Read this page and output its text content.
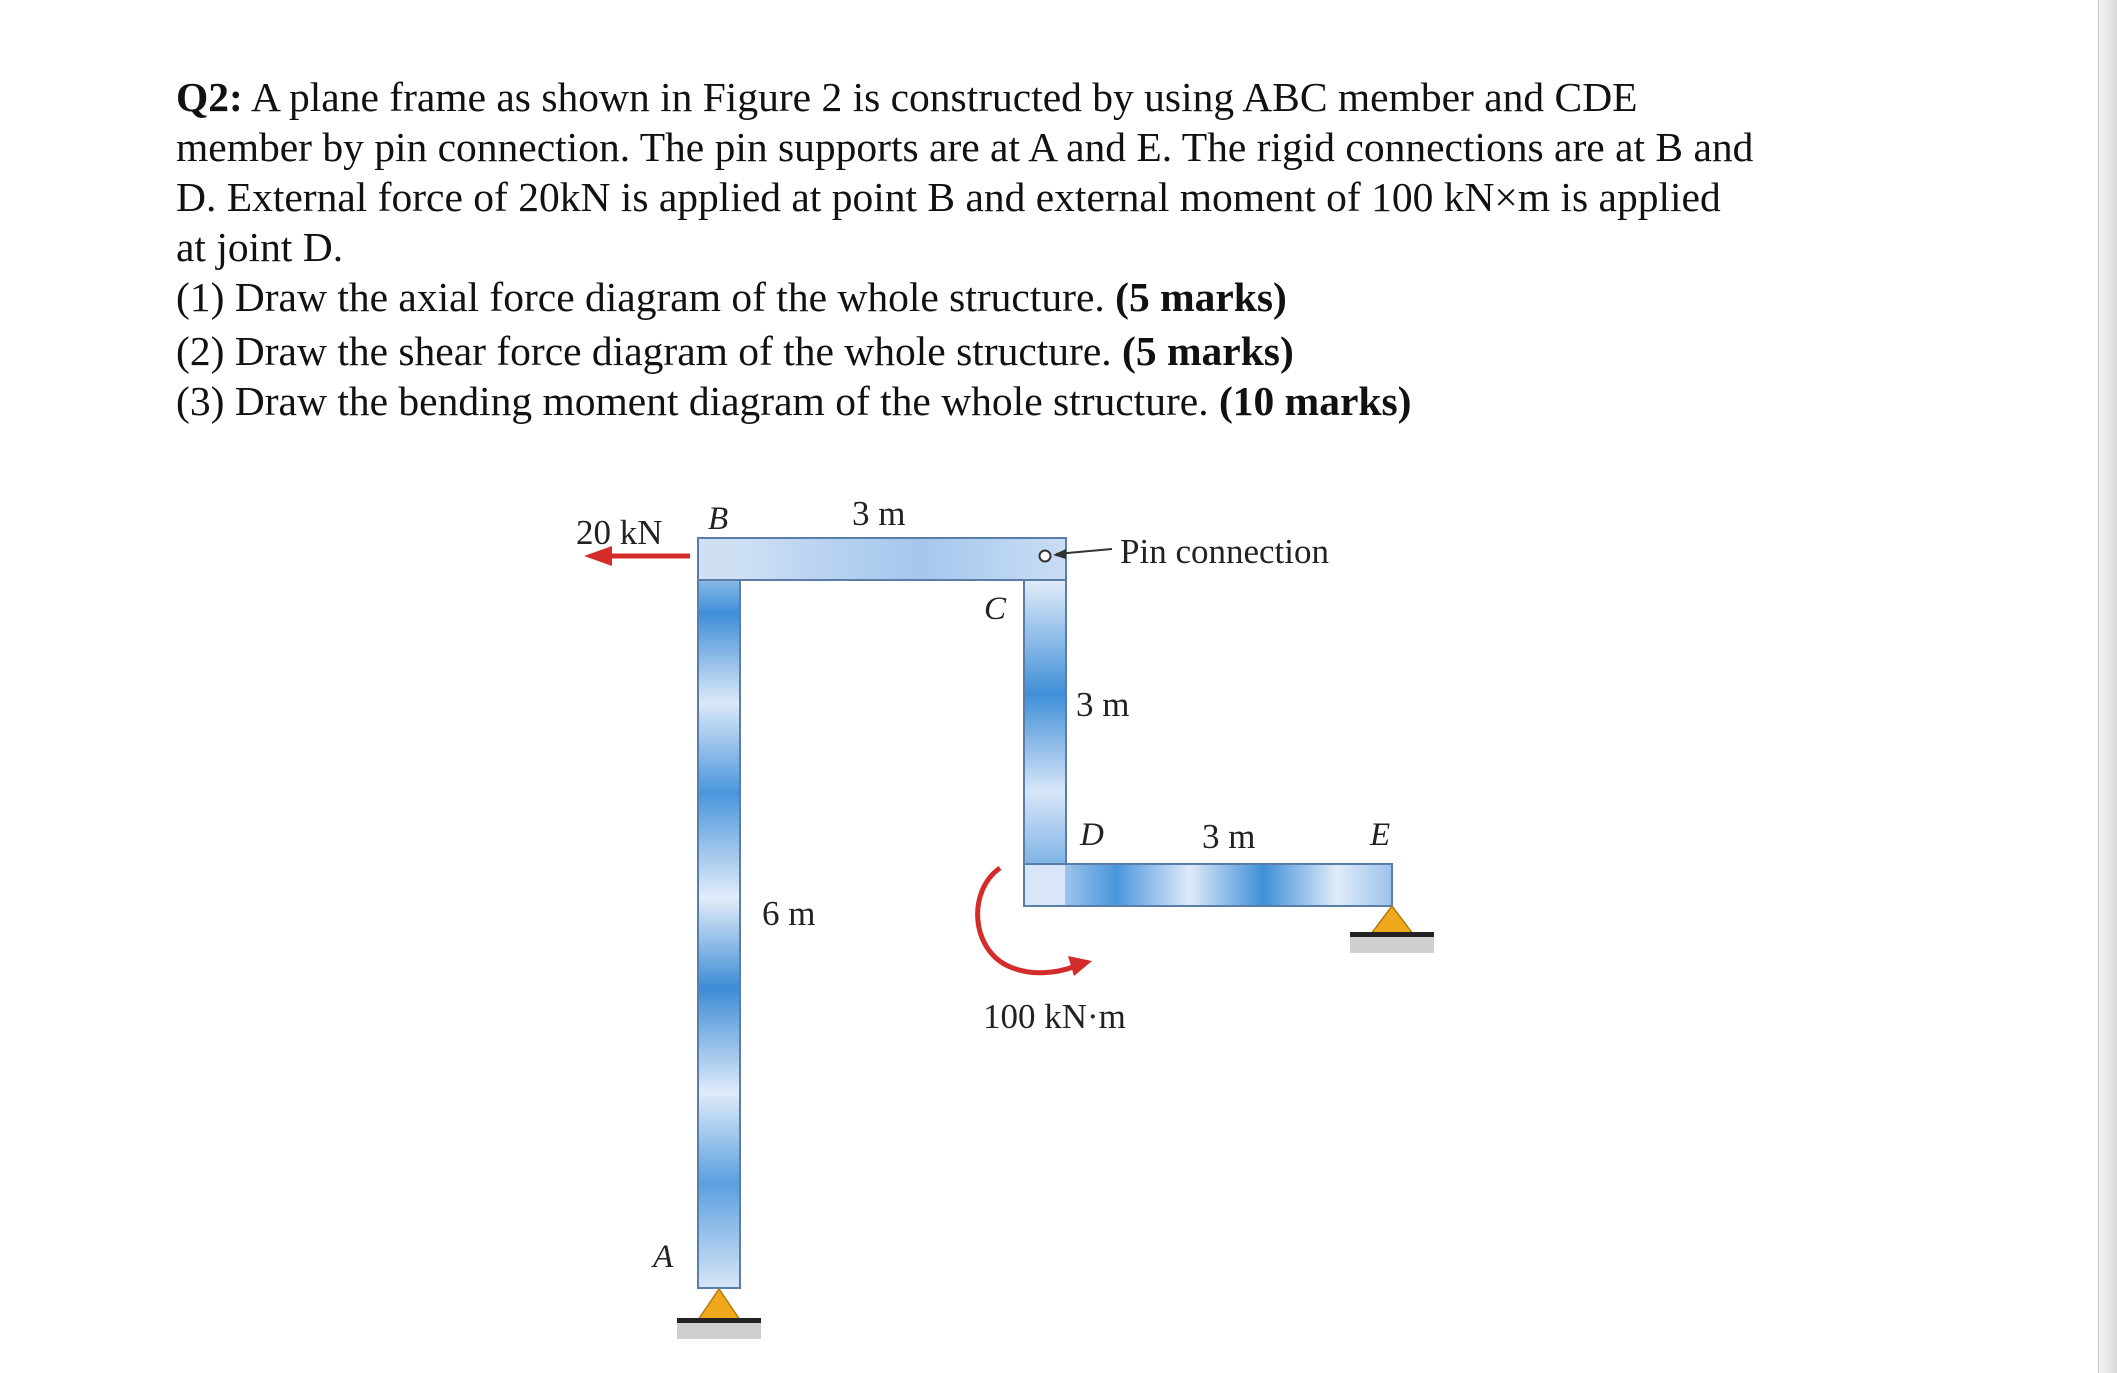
Q2: A plane frame as shown in Figure 2 is constructed by using ABC member and CDE
member by pin connection. The pin supports are at A and E. The rigid connections are at B and
D. External force of 20kN is applied at point B and external moment of 100 kN×m is applied
at joint D.

(1) Draw the axial force diagram of the whole structure. (5 marks)

(2) Draw the shear force diagram of the whole structure. (5 marks)

(3) Draw the bending moment diagram of the whole structure. (10 marks)

B
C
D	E
A
20 kN
100 kN·m
Pin connection
3 m
6 m
3 m
3 m
